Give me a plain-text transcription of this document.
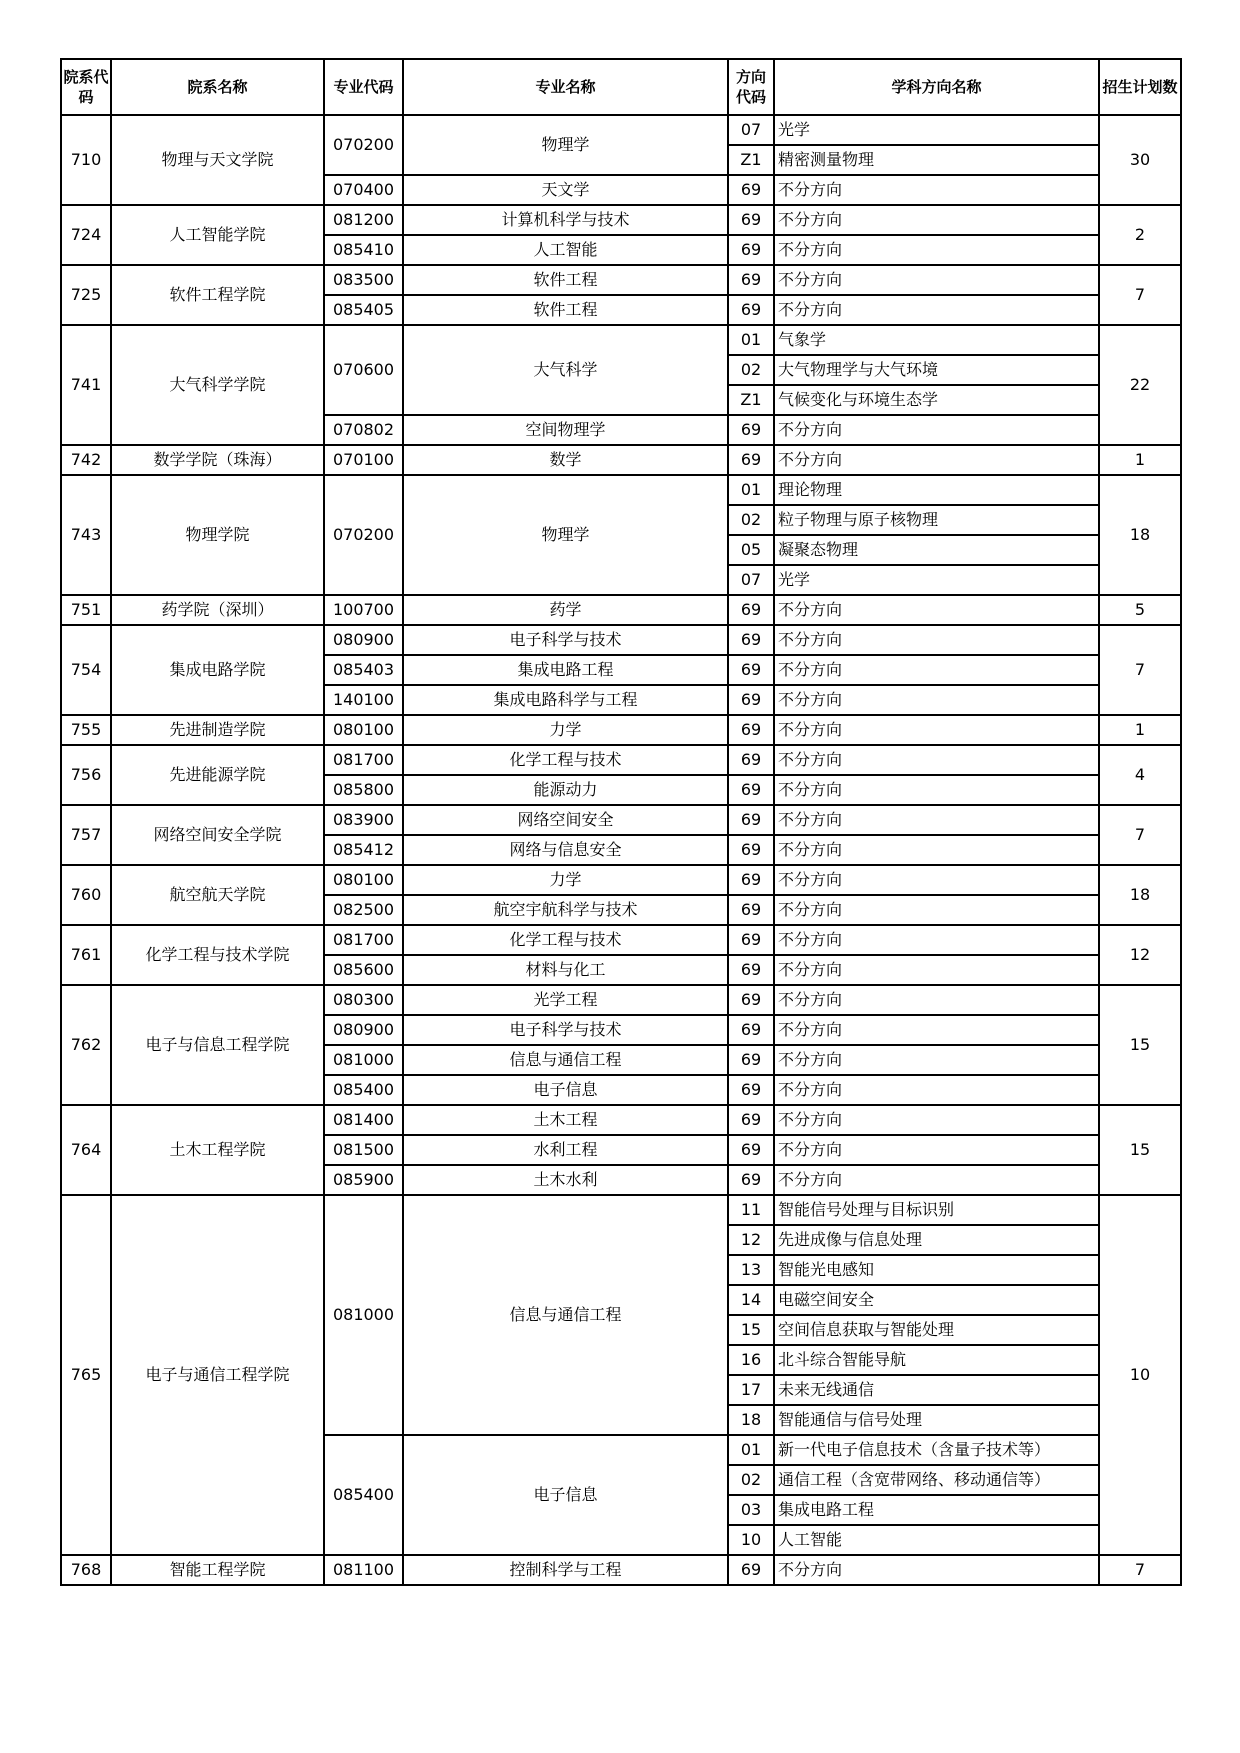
院系代码	院系名称	专业代码	专业名称	方向代码	学科方向名称	招生计划数
710	物理与天文学院	070200	物理学	07	光学	30
				Z1	精密测量物理	
		070400	天文学	69	不分方向	
724	人工智能学院	081200	计算机科学与技术	69	不分方向	2
		085410	人工智能	69	不分方向	
725	软件工程学院	083500	软件工程	69	不分方向	7
		085405	软件工程	69	不分方向	
741	大气科学学院	070600	大气科学	01	气象学	22
				02	大气物理学与大气环境	
				Z1	气候变化与环境生态学	
		070802	空间物理学	69	不分方向	
742	数学学院（珠海）	070100	数学	69	不分方向	1
743	物理学院	070200	物理学	01	理论物理	18
				02	粒子物理与原子核物理	
				05	凝聚态物理	
				07	光学	
751	药学院（深圳）	100700	药学	69	不分方向	5
754	集成电路学院	080900	电子科学与技术	69	不分方向	7
		085403	集成电路工程	69	不分方向	
		140100	集成电路科学与工程	69	不分方向	
755	先进制造学院	080100	力学	69	不分方向	1
756	先进能源学院	081700	化学工程与技术	69	不分方向	4
		085800	能源动力	69	不分方向	
757	网络空间安全学院	083900	网络空间安全	69	不分方向	7
		085412	网络与信息安全	69	不分方向	
760	航空航天学院	080100	力学	69	不分方向	18
		082500	航空宇航科学与技术	69	不分方向	
761	化学工程与技术学院	081700	化学工程与技术	69	不分方向	12
		085600	材料与化工	69	不分方向	
762	电子与信息工程学院	080300	光学工程	69	不分方向	15
		080900	电子科学与技术	69	不分方向	
		081000	信息与通信工程	69	不分方向	
		085400	电子信息	69	不分方向	
764	土木工程学院	081400	土木工程	69	不分方向	15
		081500	水利工程	69	不分方向	
		085900	土木水利	69	不分方向	
765	电子与通信工程学院	081000	信息与通信工程	11	智能信号处理与目标识别	10
				12	先进成像与信息处理	
				13	智能光电感知	
				14	电磁空间安全	
				15	空间信息获取与智能处理	
				16	北斗综合智能导航	
				17	未来无线通信	
				18	智能通信与信号处理	
		085400	电子信息	01	新一代电子信息技术（含量子技术等）	
				02	通信工程（含宽带网络、移动通信等）	
				03	集成电路工程	
				10	人工智能	
768	智能工程学院	081100	控制科学与工程	69	不分方向	7
